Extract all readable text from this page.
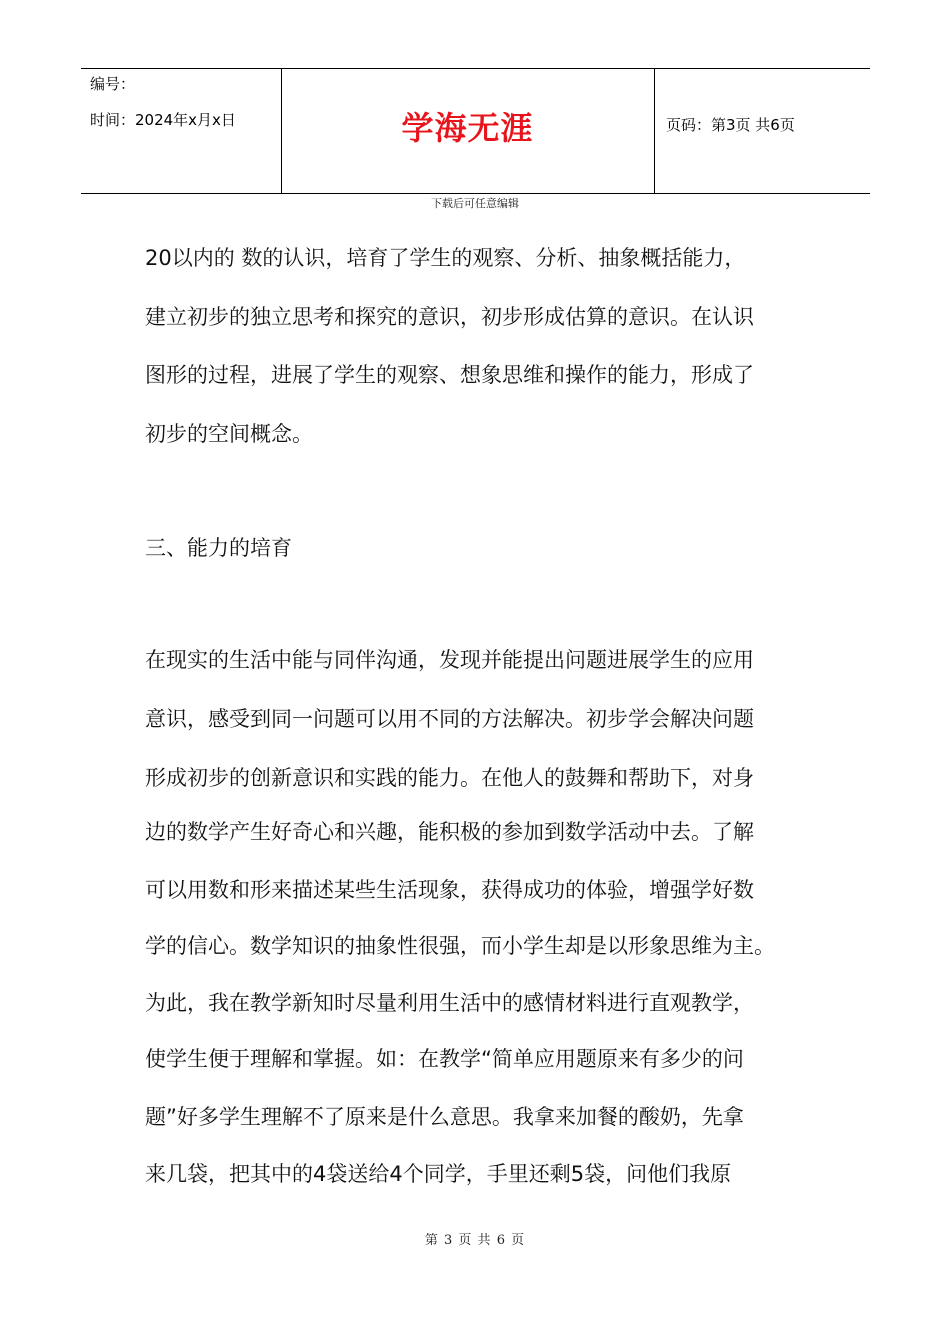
编号：
时间：2024年x月x日	学海无涯	页码：第3页 共6页
下载后可任意编辑
20以内的 数的认识，培育了学生的观察、分析、抽象概括能力，
建立初步的独立思考和探究的意识，初步形成估算的意识。在认识
图形的过程，进展了学生的观察、想象思维和操作的能力，形成了
初步的空间概念。
三、能力的培育
在现实的生活中能与同伴沟通，发现并能提出问题进展学生的应用
意识，感受到同一问题可以用不同的方法解决。初步学会解决问题
形成初步的创新意识和实践的能力。在他人的鼓舞和帮助下，对身
边的数学产生好奇心和兴趣，能积极的参加到数学活动中去。了解
可以用数和形来描述某些生活现象，获得成功的体验，增强学好数
学的信心。数学知识的抽象性很强，而小学生却是以形象思维为主。
为此，我在教学新知时尽量利用生活中的感情材料进行直观教学，
使学生便于理解和掌握。如：在教学“简单应用题原来有多少的问
题”好多学生理解不了原来是什么意思。我拿来加餐的酸奶，先拿
来几袋，把其中的4袋送给4个同学，手里还剩5袋，问他们我原
第 3 页 共 6 页
